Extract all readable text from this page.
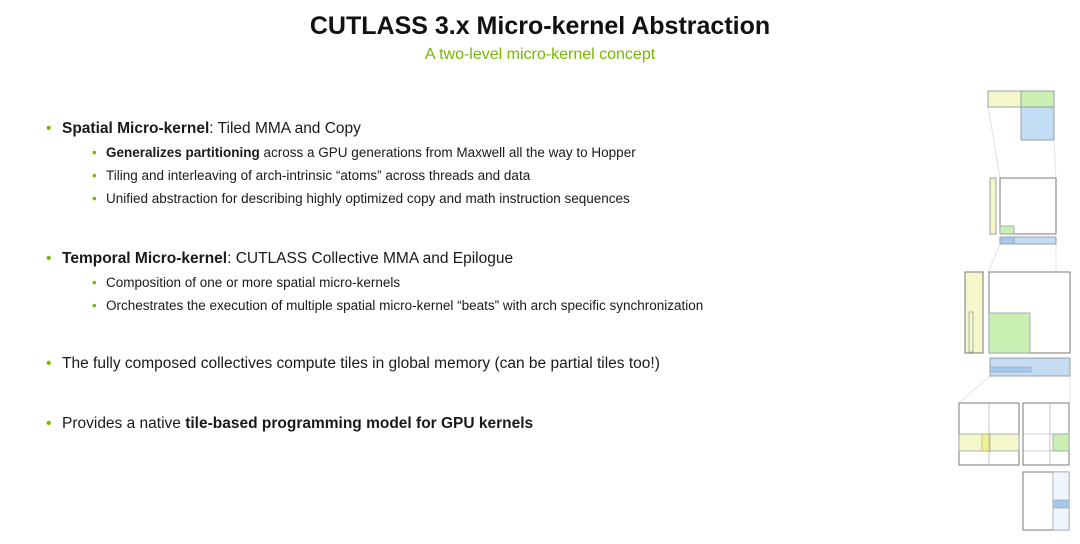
CUTLASS 3.x Micro-kernel Abstraction
A two-level micro-kernel concept
• Spatial Micro-kernel: Tiled MMA and Copy
• Generalizes partitioning across a GPU generations from Maxwell all the way to Hopper
• Tiling and interleaving of arch-intrinsic “atoms” across threads and data
• Unified abstraction for describing highly optimized copy and math instruction sequences
• Temporal Micro-kernel: CUTLASS Collective MMA and Epilogue
• Composition of one or more spatial micro-kernels
• Orchestrates the execution of multiple spatial micro-kernel “beats” with arch specific synchronization
• The fully composed collectives compute tiles in global memory (can be partial tiles too!)
• Provides a native tile-based programming model for GPU kernels
